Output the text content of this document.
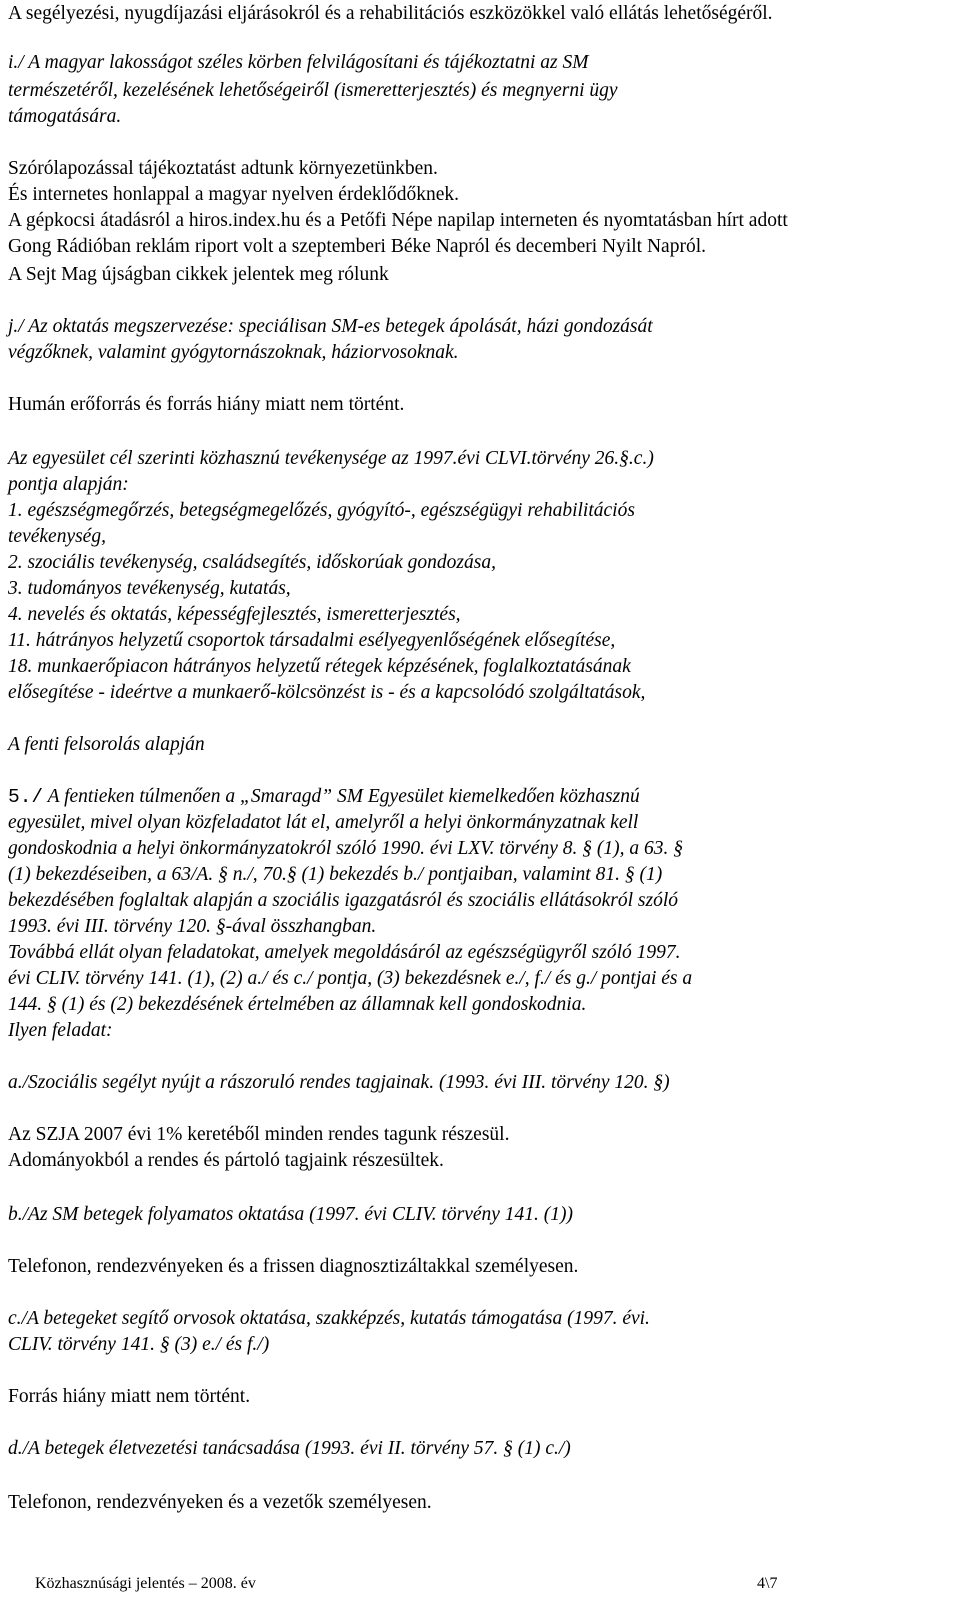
A segélyezési, nyugdíjazási eljárásokról és a rehabilitációs eszközökkel való ellátás lehetőségéről.
i./ A magyar lakosságot széles körben felvilágosítani és tájékoztatni az SM
természetéről, kezelésének lehetőségeiről (ismeretterjesztés) és megnyerni ügy
támogatására.
Szórólapozással tájékoztatást adtunk környezetünkben.
És internetes honlappal a magyar nyelven érdeklődőknek.
A gépkocsi átadásról a hiros.index.hu és a Petőfi Népe napilap interneten és nyomtatásban hírt adott
Gong Rádióban reklám riport volt a szeptemberi Béke Napról és decemberi Nyilt Napról.
A Sejt Mag újságban cikkek jelentek meg rólunk
j./ Az oktatás megszervezése: speciálisan SM-es betegek ápolását, házi gondozását
végzőknek, valamint gyógytornászoknak, háziorvosoknak.
Humán erőforrás és forrás hiány miatt nem történt.
Az egyesület cél szerinti közhasznú tevékenysége az 1997.évi CLVI.törvény 26.§.c.)
pontja alapján:
1. egészségmegőrzés, betegségmegelőzés, gyógyító-, egészségügyi rehabilitációs
tevékenység,
2. szociális tevékenység, családsegítés, időskorúak gondozása,
3. tudományos tevékenység, kutatás,
4. nevelés és oktatás, képességfejlesztés, ismeretterjesztés,
11. hátrányos helyzetű csoportok társadalmi esélyegyenlőségének elősegítése,
18. munkaerőpiacon hátrányos helyzetű rétegek képzésének, foglalkoztatásának
elősegítése - ideértve a munkaerő-kölcsönzést is - és a kapcsolódó szolgáltatások,
A fenti felsorolás alapján
5./ A fentieken túlmenően a „Smaragd” SM Egyesület kiemelkedően közhasznú
egyesület, mivel olyan közfeladatot lát el, amelyről a helyi önkormányzatnak kell
gondoskodnia a helyi önkormányzatokról szóló 1990. évi LXV. törvény 8. § (1), a 63. §
(1) bekezdéseiben, a 63/A. § n./, 70.§ (1) bekezdés b./ pontjaiban, valamint 81. § (1)
bekezdésében foglaltak alapján a szociális igazgatásról és szociális ellátásokról szóló
1993. évi III. törvény 120. §-ával összhangban.
Továbbá ellát olyan feladatokat, amelyek megoldásáról az egészségügyről szóló 1997.
évi CLIV. törvény 141. (1), (2) a./ és c./ pontja, (3) bekezdésnek e./, f./ és g./ pontjai és a
144. § (1) és (2) bekezdésének értelmében az államnak kell gondoskodnia.
Ilyen feladat:
a./Szociális segélyt nyújt a rászoruló rendes tagjainak. (1993. évi III. törvény 120. §)
Az SZJA 2007 évi 1% keretéből minden rendes tagunk részesül.
Adományokból a rendes és pártoló tagjaink részesültek.
b./Az SM betegek folyamatos oktatása (1997. évi CLIV. törvény 141. (1))
Telefonon, rendezvényeken és a frissen diagnosztizáltakkal személyesen.
c./A betegeket segítő orvosok oktatása, szakképzés, kutatás támogatása (1997. évi.
CLIV. törvény 141. § (3) e./ és f./)
Forrás hiány miatt nem történt.
d./A betegek életvezetési tanácsadása (1993. évi II. törvény 57. § (1) c./)
Telefonon, rendezvényeken és a vezetők személyesen.
Közhasznúsági jelentés – 2008. év	4\7
